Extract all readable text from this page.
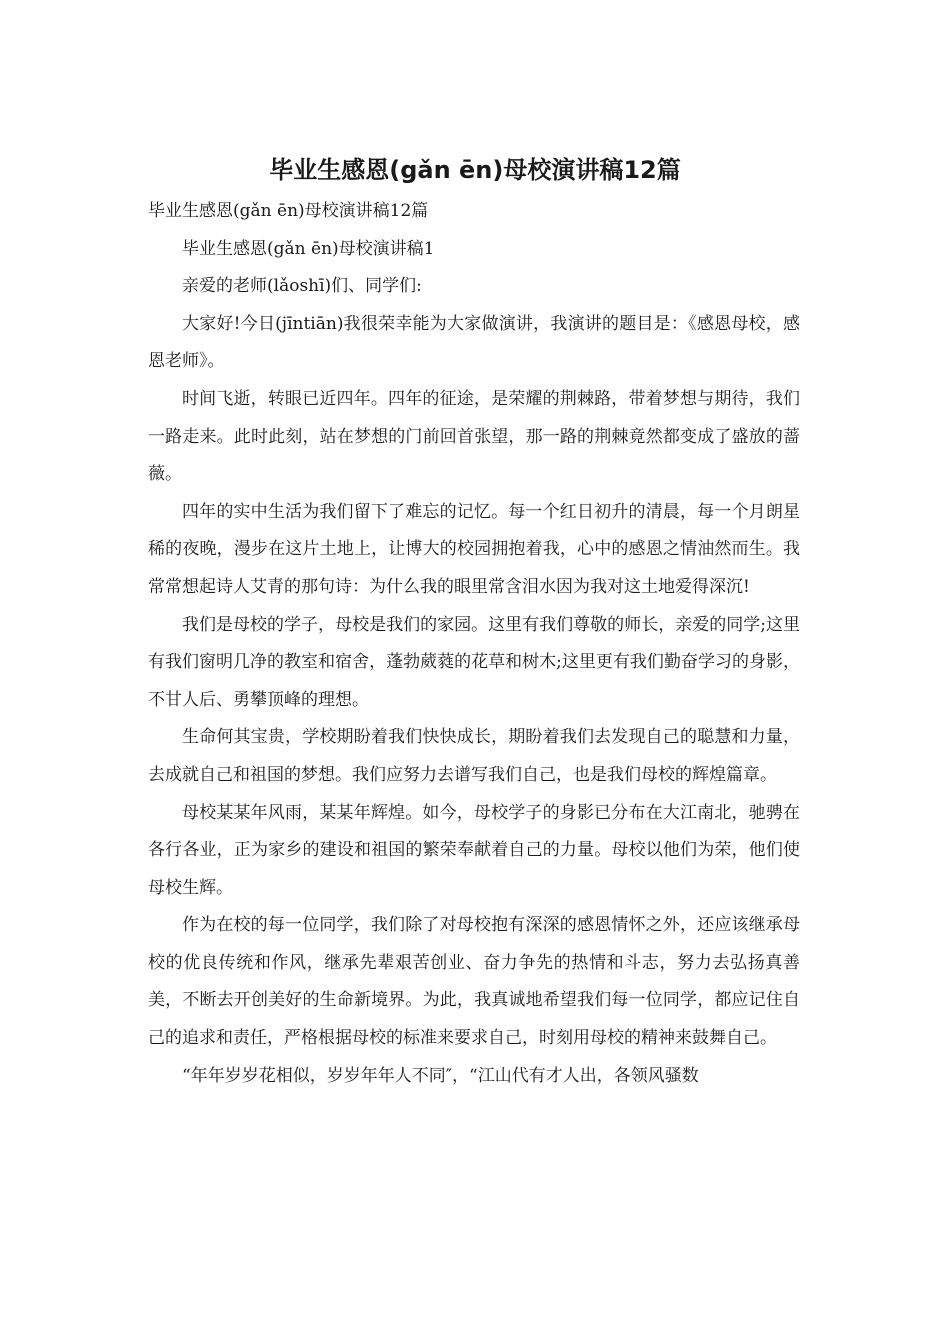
毕业生感恩(gǎn ēn)母校演讲稿12篇

毕业生感恩(gǎn ēn)母校演讲稿12篇

毕业生感恩(gǎn ēn)母校演讲稿1

亲爱的老师(lǎoshī)们、同学们:

大家好!今日(jīntiān)我很荣幸能为大家做演讲，我演讲的题目是：《感恩母校，感恩老师》。

时间飞逝，转眼已近四年。四年的征途，是荣耀的荆棘路，带着梦想与期待，我们一路走来。此时此刻，站在梦想的门前回首张望，那一路的荆棘竟然都变成了盛放的蔷薇。

四年的实中生活为我们留下了难忘的记忆。每一个红日初升的清晨，每一个月朗星稀的夜晚，漫步在这片土地上，让博大的校园拥抱着我，心中的感恩之情油然而生。我常常想起诗人艾青的那句诗：为什么我的眼里常含泪水因为我对这土地爱得深沉!

我们是母校的学子，母校是我们的家园。这里有我们尊敬的师长，亲爱的同学;这里有我们窗明几净的教室和宿舍，蓬勃葳蕤的花草和树木;这里更有我们勤奋学习的身影，不甘人后、勇攀顶峰的理想。

生命何其宝贵，学校期盼着我们快快成长，期盼着我们去发现自己的聪慧和力量，去成就自己和祖国的梦想。我们应努力去谱写我们自己，也是我们母校的辉煌篇章。

母校某某年风雨，某某年辉煌。如今，母校学子的身影已分布在大江南北，驰骋在各行各业，正为家乡的建设和祖国的繁荣奉献着自己的力量。母校以他们为荣，他们使母校生辉。

作为在校的每一位同学，我们除了对母校抱有深深的感恩情怀之外，还应该继承母校的优良传统和作风，继承先辈艰苦创业、奋力争先的热情和斗志，努力去弘扬真善美，不断去开创美好的生命新境界。为此，我真诚地希望我们每一位同学，都应记住自己的追求和责任，严格根据母校的标准来要求自己，时刻用母校的精神来鼓舞自己。

“年年岁岁花相似，岁岁年年人不同″，“江山代有才人出，各领风骚数
